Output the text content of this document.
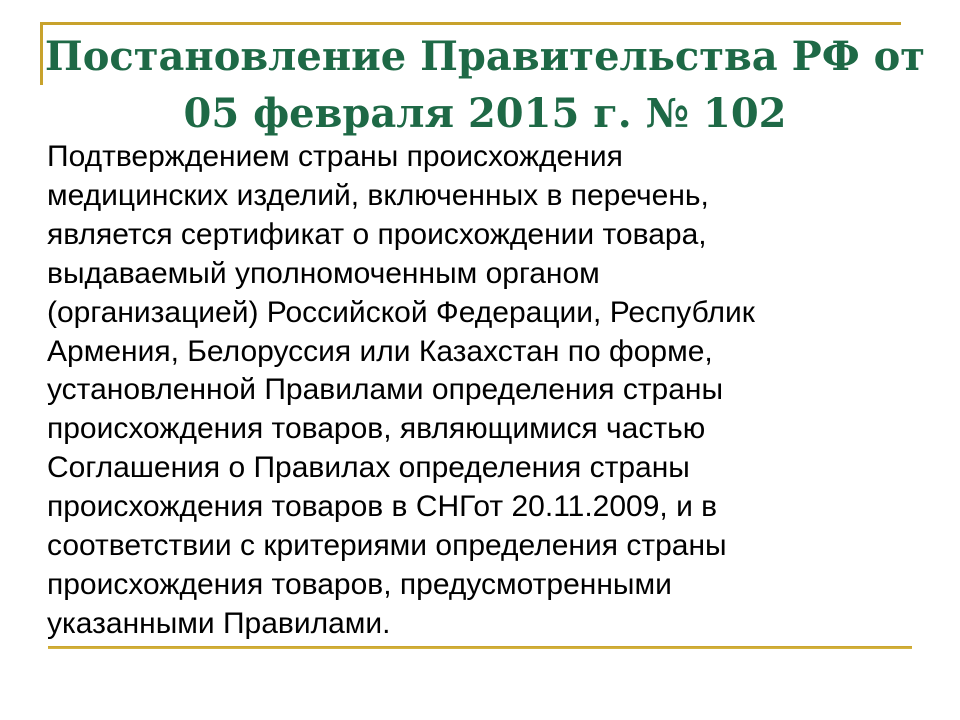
Постановление Правительства РФ от
05 февраля 2015 г. № 102
Подтверждением страны происхождения
медицинских изделий, включенных в перечень,
является сертификат о происхождении товара,
выдаваемый уполномоченным органом
(организацией) Российской Федерации, Республик
Армения, Белоруссия или Казахстан по форме,
установленной Правилами определения страны
происхождения товаров, являющимися частью
Соглашения о Правилах определения страны
происхождения товаров в СНГот 20.11.2009, и в
соответствии с критериями определения страны
происхождения товаров, предусмотренными
указанными Правилами.
